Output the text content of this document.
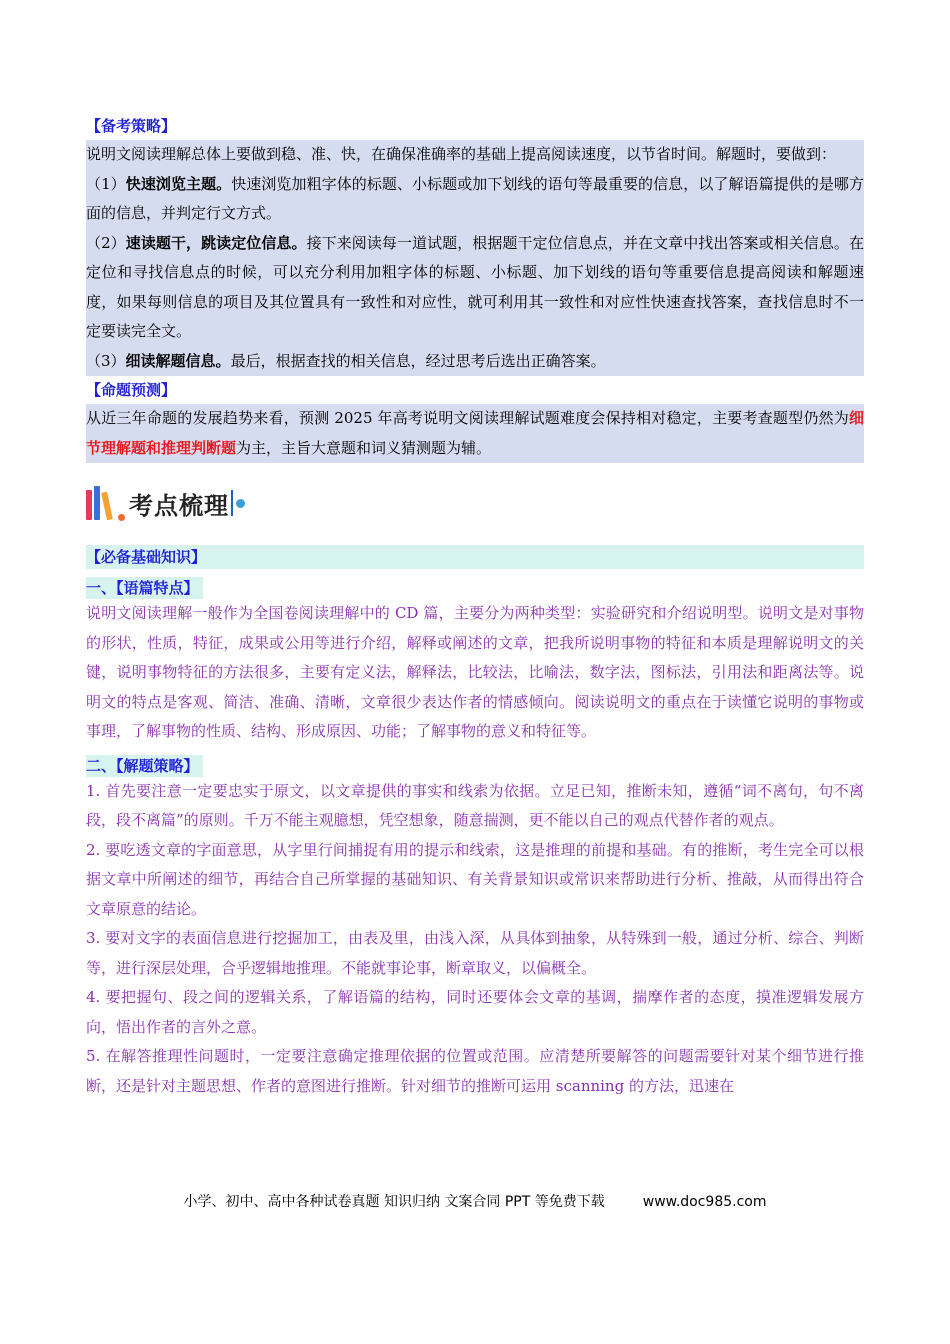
【备考策略】

说明文阅读理解总体上要做到稳、准、快，在确保准确率的基础上提高阅读速度，以节省时间。解题时，要做到：

（1）快速浏览主题。快速浏览加粗字体的标题、小标题或加下划线的语句等最重要的信息，以了解语篇提供的是哪方面的信息，并判定行文方式。

（2）速读题干，跳读定位信息。接下来阅读每一道试题，根据题干定位信息点，并在文章中找出答案或相关信息。在定位和寻找信息点的时候，可以充分利用加粗字体的标题、小标题、加下划线的语句等重要信息提高阅读和解题速度，如果每则信息的项目及其位置具有一致性和对应性，就可利用其一致性和对应性快速查找答案，查找信息时不一定要读完全文。

（3）细读解题信息。最后，根据查找的相关信息，经过思考后选出正确答案。

【命题预测】

从近三年命题的发展趋势来看，预测 2025 年高考说明文阅读理解试题难度会保持相对稳定，主要考查题型仍然为细节理解题和推理判断题为主，主旨大意题和词义猜测题为辅。

考点梳理
【必备基础知识】
一、【语篇特点】

说明文阅读理解一般作为全国卷阅读理解中的 CD 篇，主要分为两种类型：实验研究和介绍说明型。说明文是对事物的形状，性质，特征，成果或公用等进行介绍，解释或阐述的文章，把我所说明事物的特征和本质是理解说明文的关键，说明事物特征的方法很多，主要有定义法，解释法，比较法，比喻法，数字法，图标法，引用法和距离法等。说明文的特点是客观、简洁、准确、清晰，文章很少表达作者的情感倾向。阅读说明文的重点在于读懂它说明的事物或事理，了解事物的性质、结构、形成原因、功能；了解事物的意义和特征等。

二、【解题策略】

1. 首先要注意一定要忠实于原文，以文章提供的事实和线索为依据。立足已知，推断未知，遵循“词不离句，句不离段，段不离篇”的原则。千万不能主观臆想，凭空想象，随意揣测，更不能以自己的观点代替作者的观点。

2. 要吃透文章的字面意思，从字里行间捕捉有用的提示和线索，这是推理的前提和基础。有的推断，考生完全可以根据文章中所阐述的细节，再结合自己所掌握的基础知识、有关背景知识或常识来帮助进行分析、推敲，从而得出符合文章原意的结论。

3. 要对文字的表面信息进行挖掘加工，由表及里，由浅入深，从具体到抽象，从特殊到一般，通过分析、综合、判断等，进行深层处理，合乎逻辑地推理。不能就事论事，断章取义，以偏概全。

4. 要把握句、段之间的逻辑关系，了解语篇的结构，同时还要体会文章的基调，揣摩作者的态度，摸准逻辑发展方向，悟出作者的言外之意。

5. 在解答推理性问题时，一定要注意确定推理依据的位置或范围。应清楚所要解答的问题需要针对某个细节进行推断，还是针对主题思想、作者的意图进行推断。针对细节的推断可运用 scanning 的方法，迅速在

小学、初中、高中各种试卷真题 知识归纳 文案合同 PPT 等免费下载	www.doc985.com
